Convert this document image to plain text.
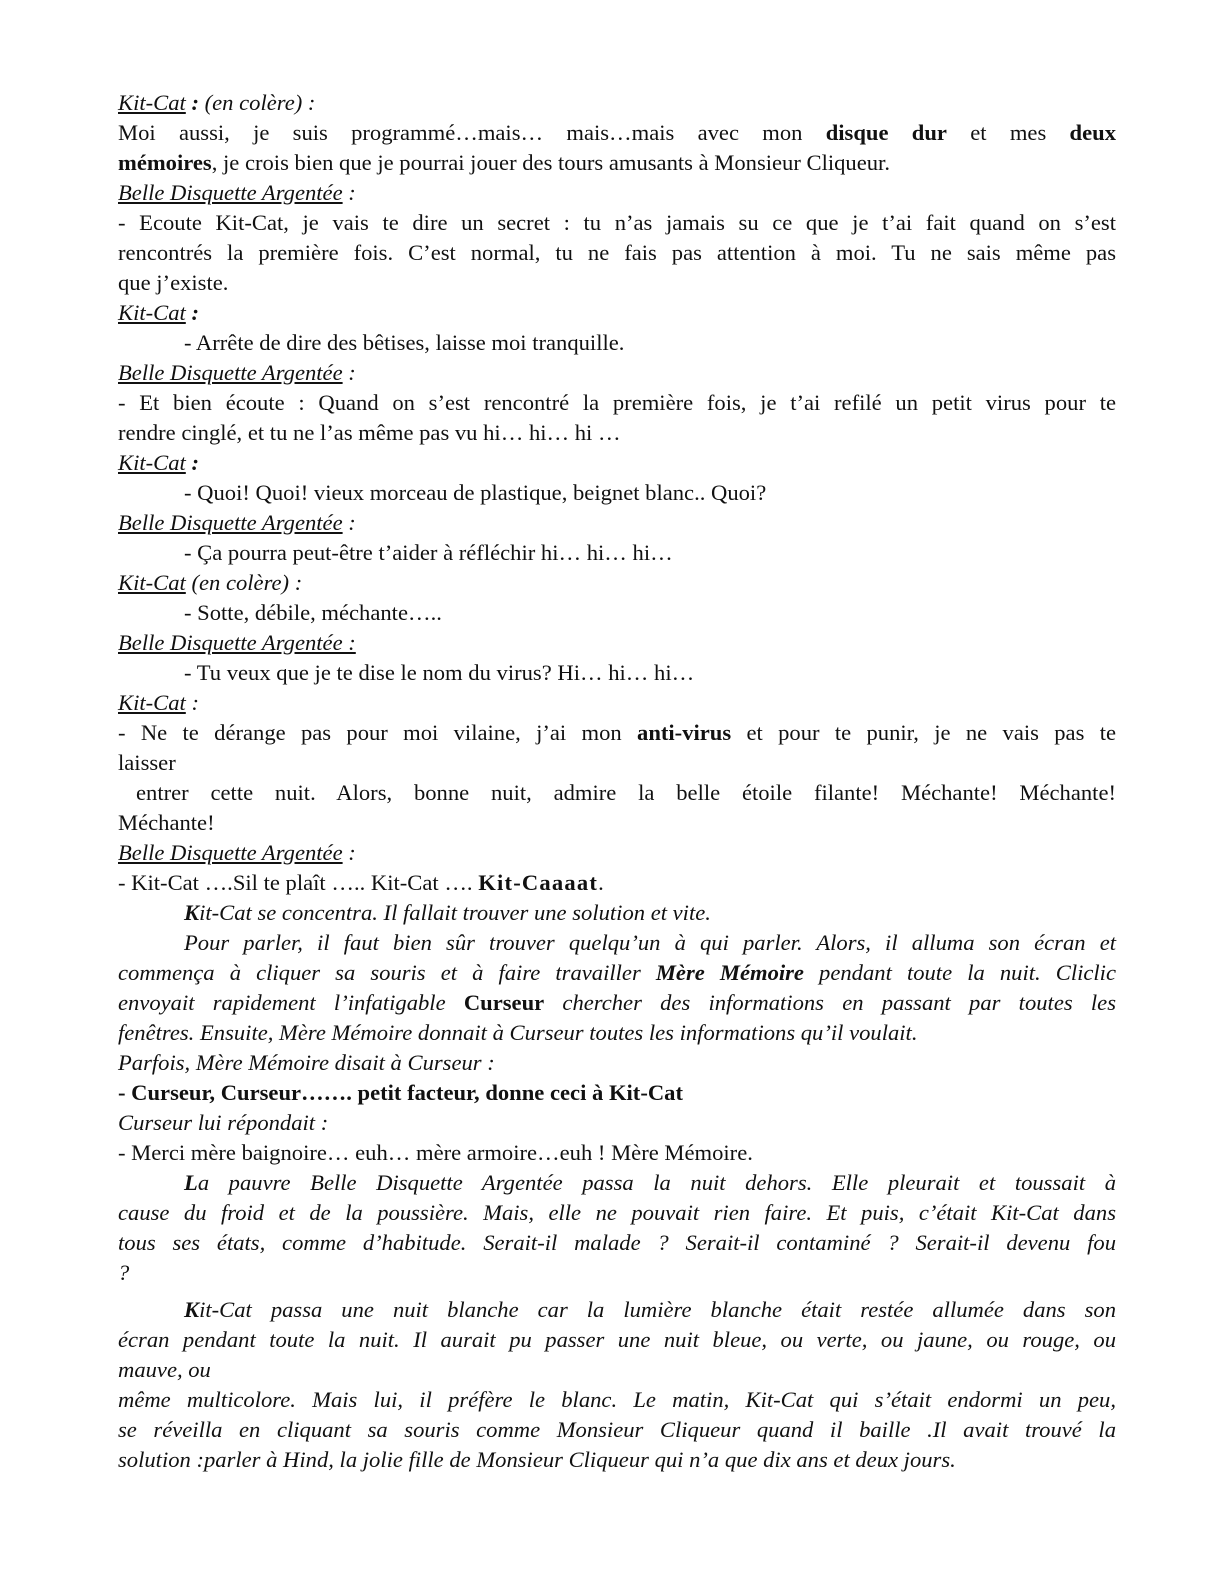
Kit-Cat : (en colère) :
Moi aussi, je suis programmé…mais… mais…mais avec mon disque dur et mes deux
mémoires, je crois bien que je pourrai jouer des tours amusants à Monsieur Cliqueur.
Belle Disquette Argentée :
- Ecoute Kit-Cat, je vais te dire un secret : tu n’as jamais su ce que je t’ai fait quand on s’est
rencontrés la première fois. C’est normal, tu ne fais pas attention à moi. Tu ne sais même pas
que j’existe.
Kit-Cat :
- Arrête de dire des bêtises, laisse moi tranquille.
Belle Disquette Argentée :
- Et bien écoute : Quand on s’est rencontré la première fois, je t’ai refilé un petit virus pour te
rendre cinglé, et tu ne l’as même pas vu hi… hi… hi …
Kit-Cat :
- Quoi! Quoi! vieux morceau de plastique, beignet blanc.. Quoi?
Belle Disquette Argentée :
- Ça pourra peut-être t’aider à réfléchir hi… hi… hi…
Kit-Cat (en colère) :
- Sotte, débile, méchante…..
Belle Disquette Argentée :
- Tu veux que je te dise le nom du virus? Hi… hi… hi…
Kit-Cat :
- Ne te dérange pas pour moi vilaine, j’ai mon anti-virus et pour te punir, je ne vais pas te
laisser
entrer cette nuit. Alors, bonne nuit, admire la belle étoile filante! Méchante! Méchante!
Méchante!
Belle Disquette Argentée :
- Kit-Cat ….Sil te plaît ….. Kit-Cat …. Kit-Caaaat.
Kit-Cat se concentra. Il fallait trouver une solution et vite.
Pour parler, il faut bien sûr trouver quelqu’un à qui parler. Alors, il alluma son écran et
commença à cliquer sa souris et à faire travailler Mère Mémoire pendant toute la nuit. Cliclic
envoyait rapidement l’infatigable Curseur chercher des informations en passant par toutes les
fenêtres. Ensuite, Mère Mémoire donnait à Curseur toutes les informations qu’il voulait.
Parfois, Mère Mémoire disait à Curseur :
- Curseur, Curseur……. petit facteur, donne ceci à Kit-Cat
Curseur lui répondait :
- Merci mère baignoire… euh… mère armoire…euh ! Mère Mémoire.
La pauvre Belle Disquette Argentée passa la nuit dehors. Elle pleurait et toussait à
cause du froid et de la poussière. Mais, elle ne pouvait rien faire. Et puis, c’était Kit-Cat dans
tous ses états, comme d’habitude. Serait-il malade ? Serait-il contaminé ? Serait-il devenu fou
?
Kit-Cat passa une nuit blanche car la lumière blanche était restée allumée dans son
écran pendant toute la nuit. Il aurait pu passer une nuit bleue, ou verte, ou jaune, ou rouge, ou
mauve, ou
même multicolore. Mais lui, il préfère le blanc. Le matin, Kit-Cat qui s’était endormi un peu,
se réveilla en cliquant sa souris comme Monsieur Cliqueur quand il baille .Il avait trouvé la
solution :parler à Hind, la jolie fille de Monsieur Cliqueur qui n’a que dix ans et deux jours.
